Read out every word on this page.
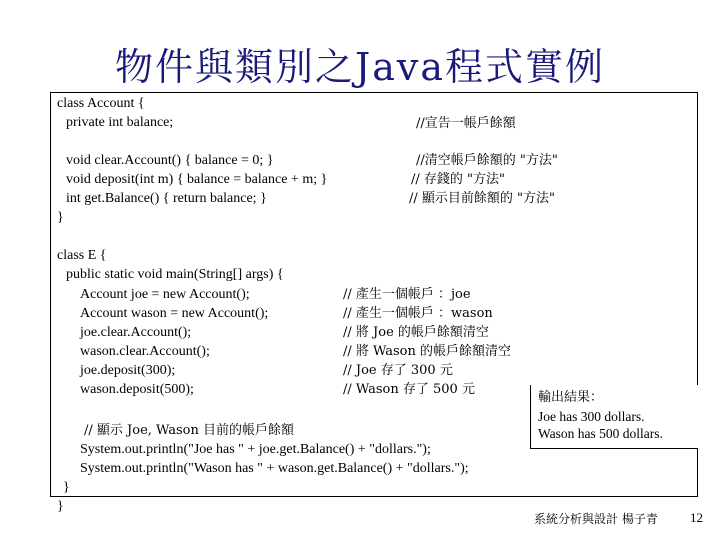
物件與類別之Java程式實例
class Account {
private int balance;	//宣告一帳戶餘額
void clear.Account() { balance = 0; }	//清空帳戶餘額的 "方法"
void deposit(int m) { balance = balance + m; }	// 存錢的 "方法"
int get.Balance() { return balance; }	// 顯示目前餘額的 "方法"
}
class E {
public static void main(String[] args) {
Account joe = new Account();	// 產生一個帳戶 ：joe
Account wason = new Account();	// 產生一個帳戶 ：wason
joe.clear.Account();	// 將 Joe 的帳戶餘額清空
wason.clear.Account();	// 將 Wason 的帳戶餘額清空
joe.deposit(300);	// Joe 存了 300 元
wason.deposit(500);	// Wason 存了 500 元
// 顯示 Joe, Wason 目前的帳戶餘額
System.out.println("Joe has " + joe.get.Balance() + "dollars.");
System.out.println("Wason has " + wason.get.Balance() + "dollars.");
}
}
輸出結果：
Joe has 300 dollars.
Wason has 500 dollars.
系統分析與設計 楊子青 12
